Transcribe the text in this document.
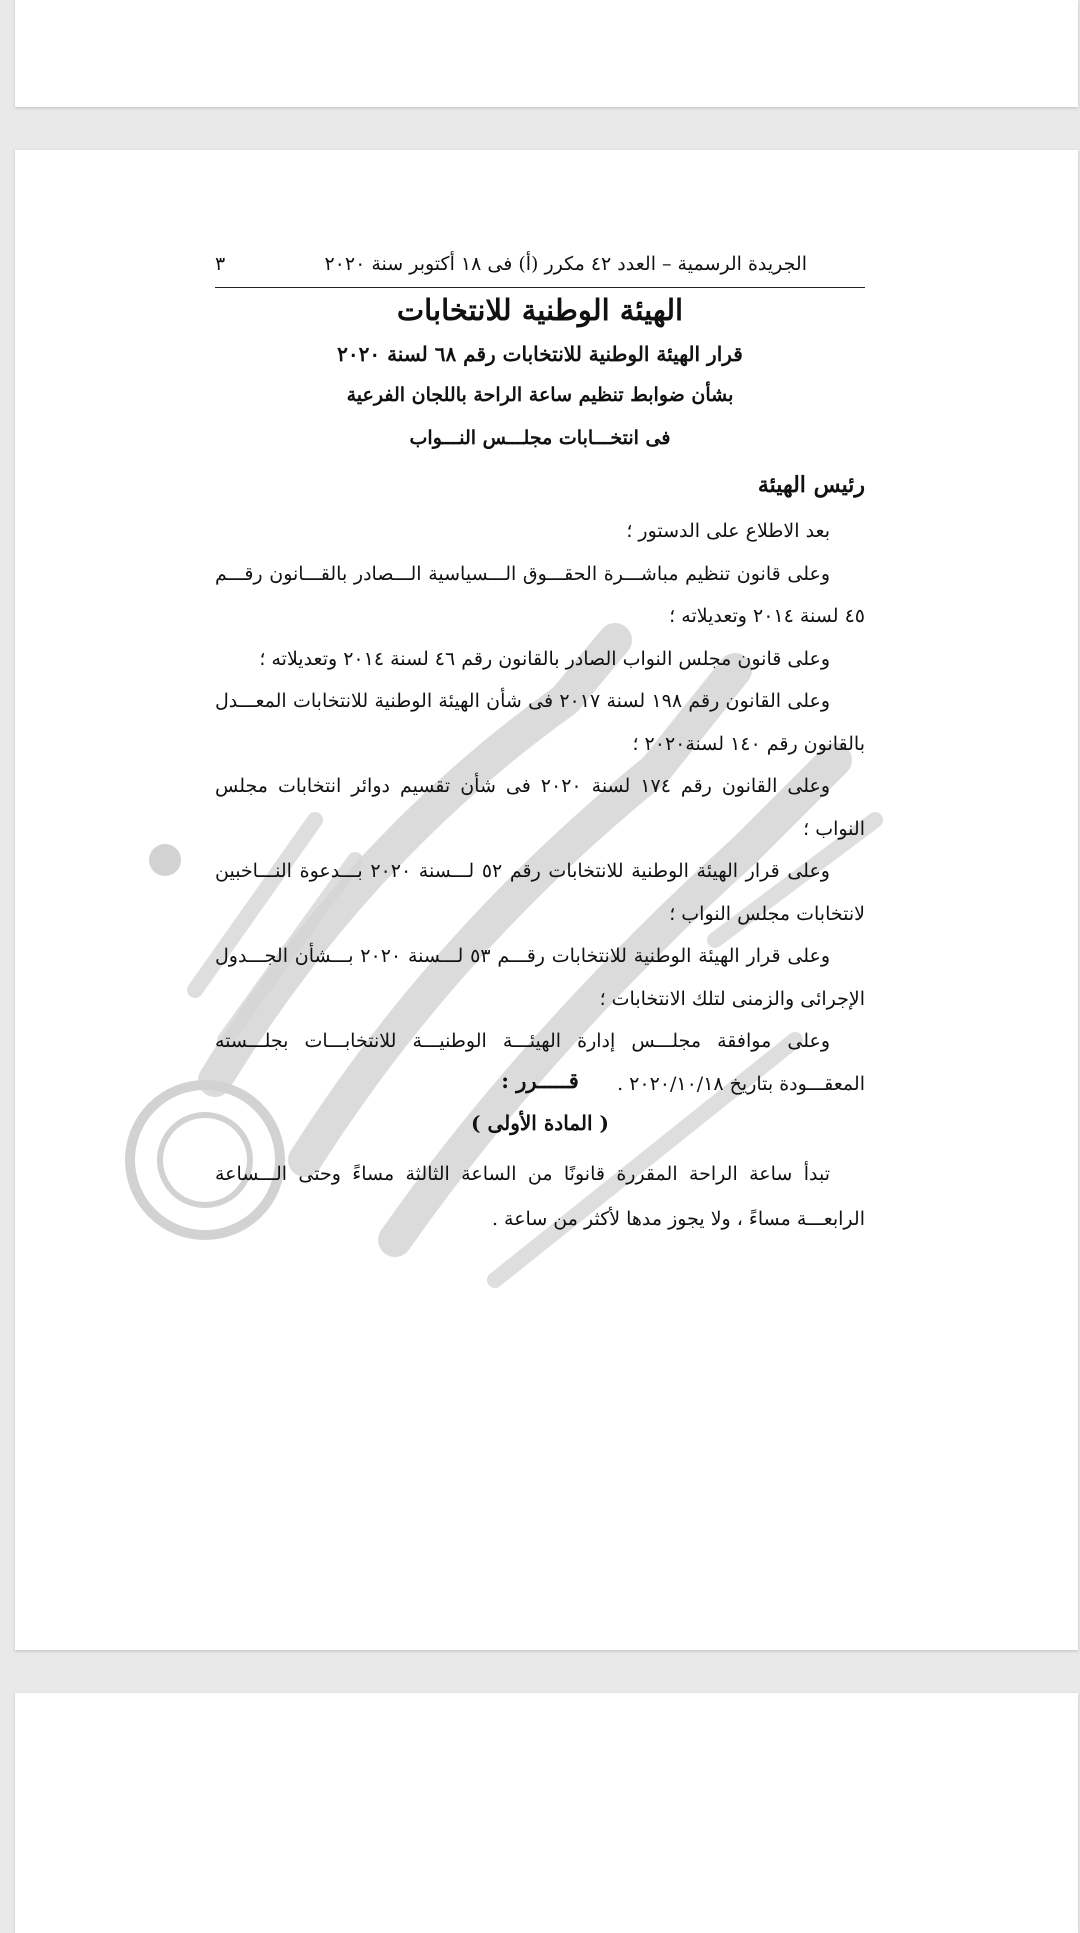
الجريدة الرسمية – العدد ٤٢ مكرر (أ) فى ١٨ أكتوبر سنة ٢٠٢٠
٣
الهيئة الوطنية للانتخابات
قرار الهيئة الوطنية للانتخابات رقم ٦٨ لسنة ٢٠٢٠
بشأن ضوابط تنظيم ساعة الراحة باللجان الفرعية
فى انتخـــابات مجلـــس النـــواب
رئيس الهيئة

بعد الاطلاع على الدستور ؛

وعلى قانون تنظيم مباشـــرة الحقـــوق الـــسياسية الـــصادر بالقـــانون رقـــم ٤٥ لسنة ٢٠١٤ وتعديلاته ؛

وعلى قانون مجلس النواب الصادر بالقانون رقم ٤٦ لسنة ٢٠١٤ وتعديلاته ؛

وعلى القانون رقم ١٩٨ لسنة ٢٠١٧ فى شأن الهيئة الوطنية للانتخابات المعـــدل بالقانون رقم ١٤٠ لسنة٢٠٢٠ ؛

وعلى القانون رقم ١٧٤ لسنة ٢٠٢٠ فى شأن تقسيم دوائر انتخابات مجلس النواب ؛

وعلى قرار الهيئة الوطنية للانتخابات رقم ٥٢ لـــسنة ٢٠٢٠ بـــدعوة النـــاخبين لانتخابات مجلس النواب ؛

وعلى قرار الهيئة الوطنية للانتخابات رقـــم ٥٣ لـــسنة ٢٠٢٠ بـــشأن الجـــدول الإجرائى والزمنى لتلك الانتخابات ؛

وعلى موافقة مجلـــس إدارة الهيئـــة الوطنيـــة للانتخابـــات بجلـــسته المعقـــودة بتاريخ ٢٠٢٠/١٠/١٨ .

قـــــرر :
( المادة الأولى )

تبدأ ساعة الراحة المقررة قانونًا من الساعة الثالثة مساءً وحتى الـــساعة الرابعـــة مساءً ، ولا يجوز مدها لأكثر من ساعة .
